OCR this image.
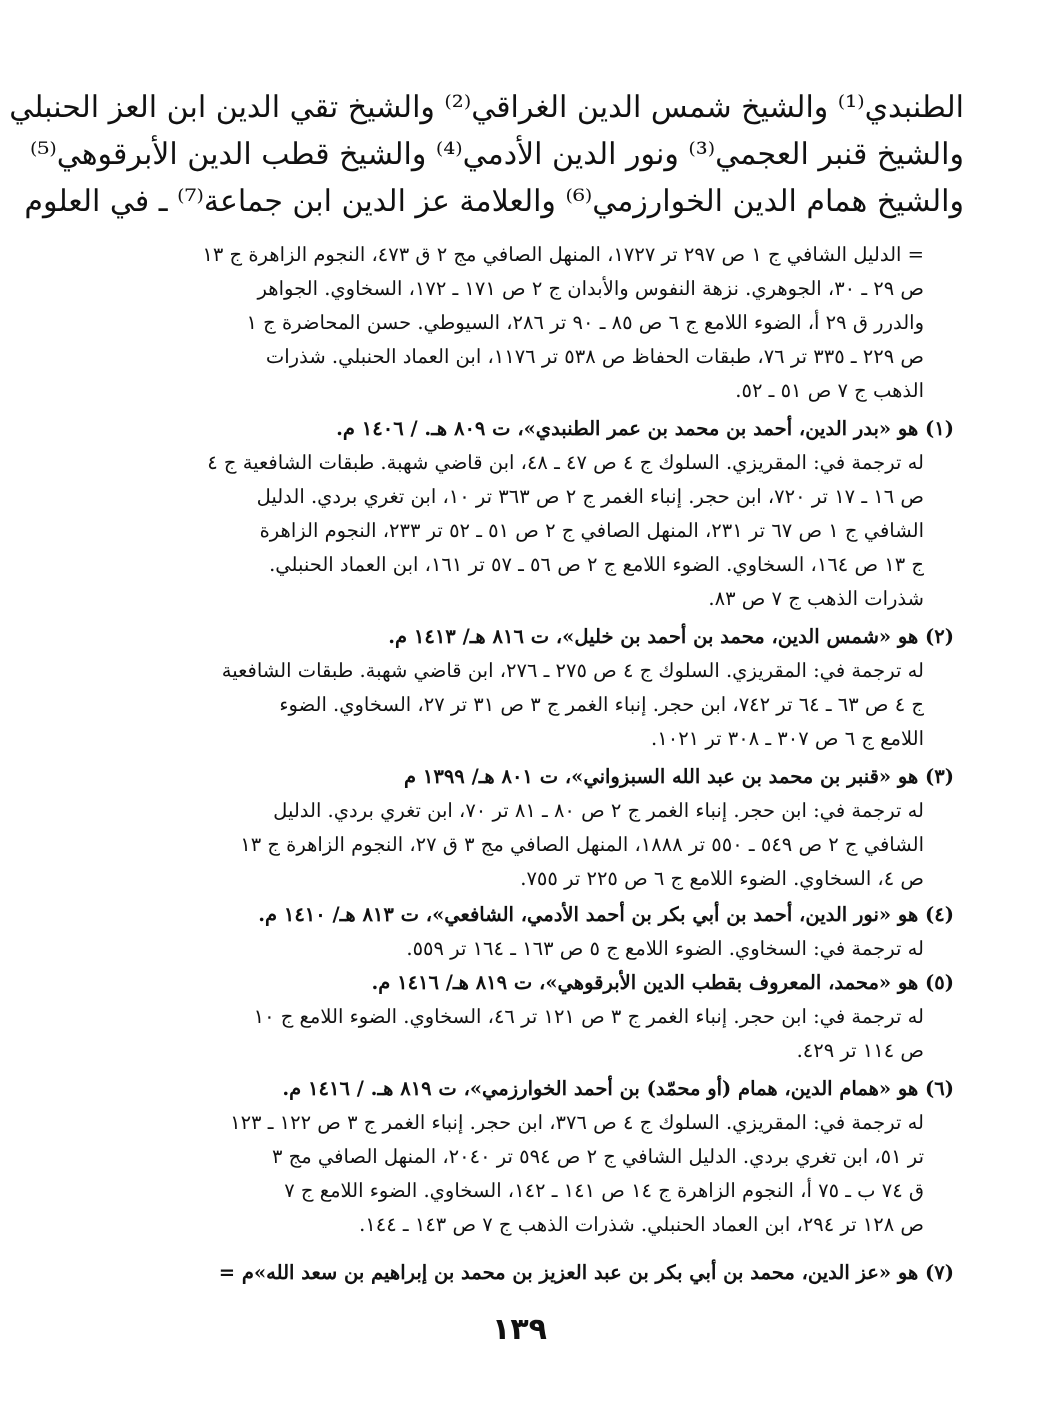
الطنبدي⁽¹⁾ والشيخ شمس الدين الغراقي⁽²⁾ والشيخ تقي الدين ابن العز الحنبلي
والشيخ قنبر العجمي⁽³⁾ ونور الدين الأدمي⁽⁴⁾ والشيخ قطب الدين الأبرقوهي⁽⁵⁾
والشيخ همام الدين الخوارزمي⁽⁶⁾ والعلامة عز الدين ابن جماعة⁽⁷⁾ ـ في العلوم
= الدليل الشافي ج ١ ص ٢٩٧ تر ١٧٢٧، المنهل الصافي مج ٢ ق ٤٧٣، النجوم الزاهرة ج ١٣
ص ٢٩ ـ ٣٠، الجوهري. نزهة النفوس والأبدان ج ٢ ص ١٧١ ـ ١٧٢، السخاوي. الجواهر
والدرر ق ٢٩ أ، الضوء اللامع ج ٦ ص ٨٥ ـ ٩٠ تر ٢٨٦، السيوطي. حسن المحاضرة ج ١
ص ٢٢٩ ـ ٣٣٥ تر ٧٦، طبقات الحفاظ ص ٥٣٨ تر ١١٧٦، ابن العماد الحنبلي. شذرات
الذهب ج ٧ ص ٥١ ـ ٥٢.
(١) هو «بدر الدين، أحمد بن محمد بن عمر الطنبدي»، ت ٨٠٩ هـ. / ١٤٠٦ م.
له ترجمة في: المقريزي. السلوك ج ٤ ص ٤٧ ـ ٤٨، ابن قاضي شهبة. طبقات الشافعية ج ٤
ص ١٦ ـ ١٧ تر ٧٢٠، ابن حجر. إنباء الغمر ج ٢ ص ٣٦٣ تر ١٠، ابن تغري بردي. الدليل
الشافي ج ١ ص ٦٧ تر ٢٣١، المنهل الصافي ج ٢ ص ٥١ ـ ٥٢ تر ٢٣٣، النجوم الزاهرة
ج ١٣ ص ١٦٤، السخاوي. الضوء اللامع ج ٢ ص ٥٦ ـ ٥٧ تر ١٦١، ابن العماد الحنبلي.
شذرات الذهب ج ٧ ص ٨٣.
(٢) هو «شمس الدين، محمد بن أحمد بن خليل»، ت ٨١٦ هـ/ ١٤١٣ م.
له ترجمة في: المقريزي. السلوك ج ٤ ص ٢٧٥ ـ ٢٧٦، ابن قاضي شهبة. طبقات الشافعية
ج ٤ ص ٦٣ ـ ٦٤ تر ٧٤٢، ابن حجر. إنباء الغمر ج ٣ ص ٣١ تر ٢٧، السخاوي. الضوء
اللامع ج ٦ ص ٣٠٧ ـ ٣٠٨ تر ١٠٢١.
(٣) هو «قنبر بن محمد بن عبد الله السبزواني»، ت ٨٠١ هـ/ ١٣٩٩ م
له ترجمة في: ابن حجر. إنباء الغمر ج ٢ ص ٨٠ ـ ٨١ تر ٧٠، ابن تغري بردي. الدليل
الشافي ج ٢ ص ٥٤٩ ـ ٥٥٠ تر ١٨٨٨، المنهل الصافي مج ٣ ق ٢٧، النجوم الزاهرة ج ١٣
ص ٤، السخاوي. الضوء اللامع ج ٦ ص ٢٢٥ تر ٧٥٥.
(٤) هو «نور الدين، أحمد بن أبي بكر بن أحمد الأدمي، الشافعي»، ت ٨١٣ هـ/ ١٤١٠ م.
له ترجمة في: السخاوي. الضوء اللامع ج ٥ ص ١٦٣ ـ ١٦٤ تر ٥٥٩.
(٥) هو «محمد، المعروف بقطب الدين الأبرقوهي»، ت ٨١٩ هـ/ ١٤١٦ م.
له ترجمة في: ابن حجر. إنباء الغمر ج ٣ ص ١٢١ تر ٤٦، السخاوي. الضوء اللامع ج ١٠
ص ١١٤ تر ٤٢٩.
(٦) هو «همام الدين، همام (أو محمّد) بن أحمد الخوارزمي»، ت ٨١٩ هـ. / ١٤١٦ م.
له ترجمة في: المقريزي. السلوك ج ٤ ص ٣٧٦، ابن حجر. إنباء الغمر ج ٣ ص ١٢٢ ـ ١٢٣
تر ٥١، ابن تغري بردي. الدليل الشافي ج ٢ ص ٥٩٤ تر ٢٠٤٠، المنهل الصافي مج ٣
ق ٧٤ ب ـ ٧٥ أ، النجوم الزاهرة ج ١٤ ص ١٤١ ـ ١٤٢، السخاوي. الضوء اللامع ج ٧
ص ١٢٨ تر ٢٩٤، ابن العماد الحنبلي. شذرات الذهب ج ٧ ص ١٤٣ ـ ١٤٤.
(٧) هو «عز الدين، محمد بن أبي بكر بن عبد العزيز بن محمد بن إبراهيم بن سعد الله»م =
١٣٩
